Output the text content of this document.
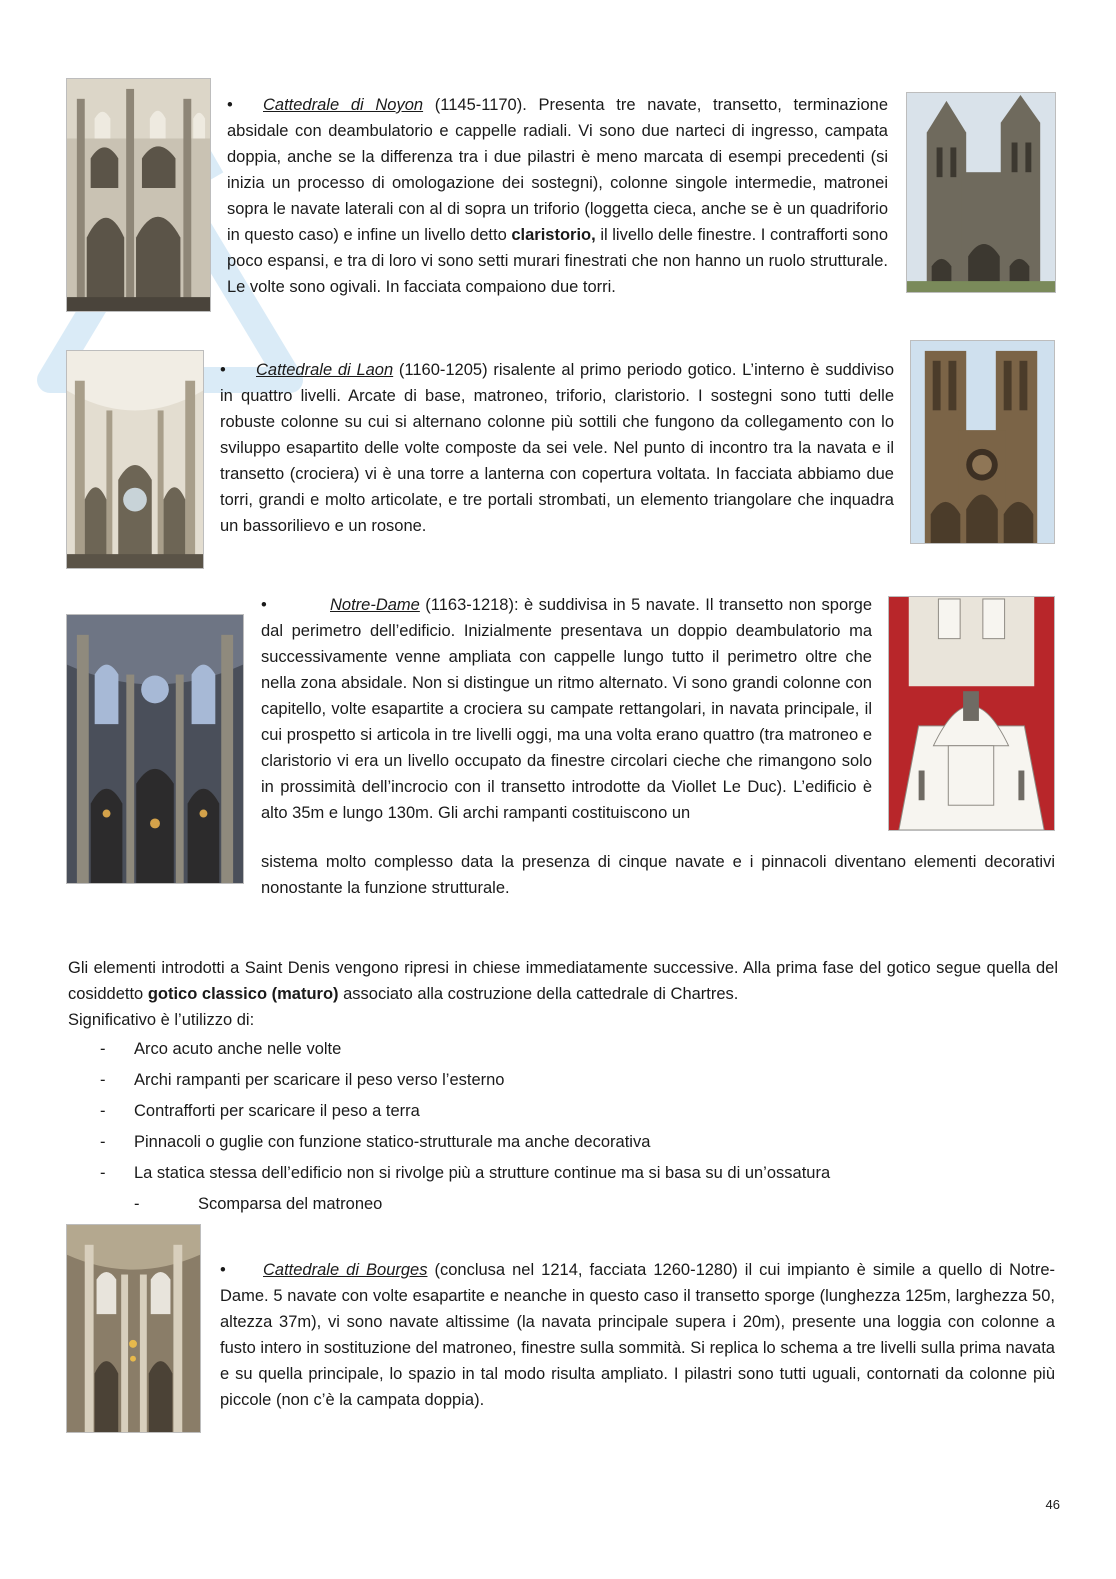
• Cattedrale di Noyon (1145-1170). Presenta tre navate, transetto, terminazione absidale con deambulatorio e cappelle radiali. Vi sono due narteci di ingresso, campata doppia, anche se la differenza tra i due pilastri è meno marcata di esempi precedenti (si inizia un processo di omologazione dei sostegni), colonne singole intermedie, matronei sopra le navate laterali con al di sopra un triforio (loggetta cieca, anche se è un quadriforio in questo caso) e infine un livello detto claristorio, il livello delle finestre. I contrafforti sono poco espansi, e tra di loro vi sono setti murari finestrati che non hanno un ruolo strutturale. Le volte sono ogivali. In facciata compaiono due torri.

• Cattedrale di Laon (1160-1205) risalente al primo periodo gotico. L’interno è suddiviso in quattro livelli. Arcate di base, matroneo, triforio, claristorio. I sostegni sono tutti delle robuste colonne su cui si alternano colonne più sottili che fungono da collegamento con lo sviluppo esapartito delle volte composte da sei vele. Nel punto di incontro tra la navata e il transetto (crociera) vi è una torre a lanterna con copertura voltata. In facciata abbiamo due torri, grandi e molto articolate, e tre portali strombati, un elemento triangolare che inquadra un bassorilievo e un rosone.

•	Notre-Dame (1163-1218): è suddivisa in 5 navate. Il transetto non sporge dal perimetro dell’edificio. Inizialmente presentava un doppio deambulatorio ma successivamente venne ampliata con cappelle lungo tutto il perimetro oltre che nella zona absidale. Non si distingue un ritmo alternato. Vi sono grandi colonne con capitello, volte esapartite a crociera su campate rettangolari, in navata principale, il cui prospetto si articola in tre livelli oggi, ma una volta erano quattro (tra matroneo e claristorio vi era un livello occupato da finestre circolari cieche che rimangono solo in prossimità dell’incrocio con il transetto introdotte da Viollet Le Duc). L’edificio è alto 35m e lungo 130m. Gli archi rampanti costituiscono un

sistema molto complesso data la presenza di cinque navate e i pinnacoli diventano elementi decorativi nonostante la funzione strutturale.

Gli elementi introdotti a Saint Denis vengono ripresi in chiese immediatamente successive. Alla prima fase del gotico segue quella del cosiddetto gotico classico (maturo) associato alla costruzione della cattedrale di Chartres.

Significativo è l’utilizzo di:

- Arco acuto anche nelle volte
- Archi rampanti per scaricare il peso verso l’esterno
- Contrafforti per scaricare il peso a terra
- Pinnacoli o guglie con funzione statico-strutturale ma anche decorativa
- La statica stessa dell’edificio non si rivolge più a strutture continue ma si basa su di un’ossatura
-	Scomparsa del matroneo

• Cattedrale di Bourges (conclusa nel 1214, facciata 1260-1280) il cui impianto è simile a quello di Notre-Dame. 5 navate con volte esapartite e neanche in questo caso il transetto sporge (lunghezza 125m, larghezza 50, altezza 37m), vi sono navate altissime (la navata principale supera i 20m), presente una loggia con colonne a fusto intero in sostituzione del matroneo, finestre sulla sommità. Si replica lo schema a tre livelli sulla prima navata e su quella principale, lo spazio in tal modo risulta ampliato. I pilastri sono tutti uguali, contornati da colonne più piccole (non c’è la campata doppia).

46
